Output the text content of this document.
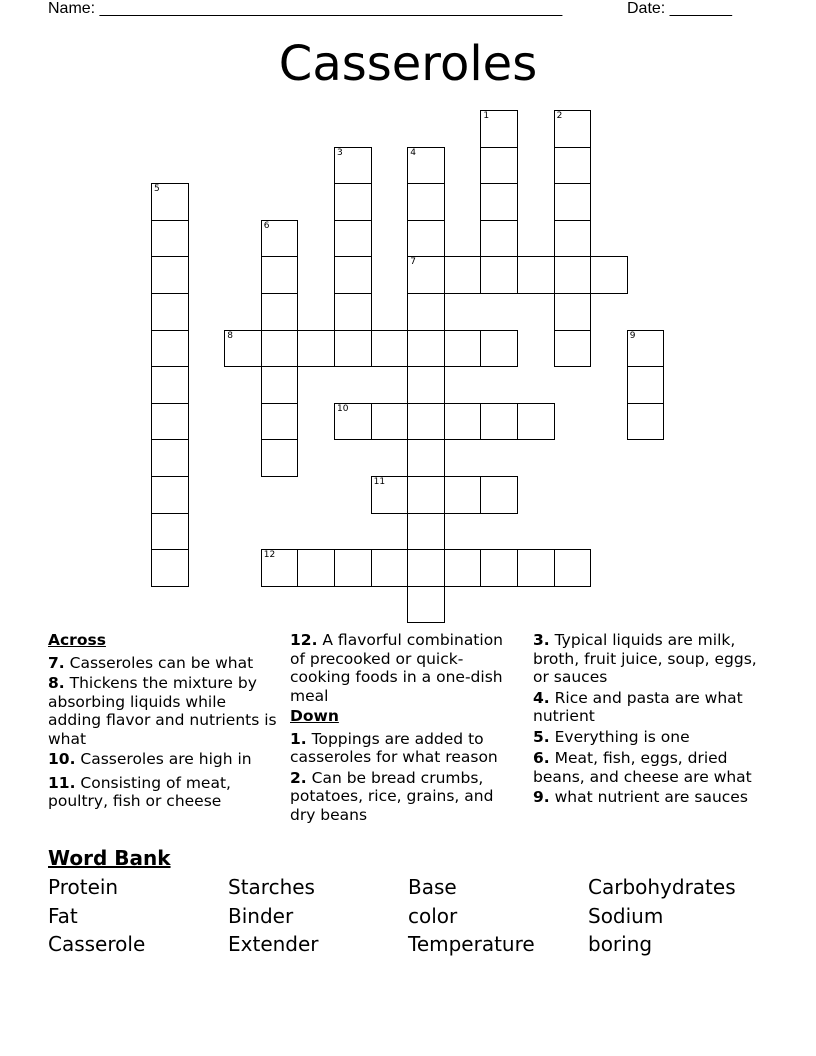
Name: ____________________________________________________	Date: _______
Casseroles
1	2
3	4
7
5
6
8	9
10
11
12
Across
7. Casseroles can be what
8. Thickens the mixture by absorbing liquids while adding flavor and nutrients is what
10. Casseroles are high in
11. Consisting of meat, poultry, fish or cheese
12. A flavorful combination of precooked or quick-cooking foods in a one-dish meal
Down
1. Toppings are added to casseroles for what reason
2. Can be bread crumbs, potatoes, rice, grains, and dry beans
3. Typical liquids are milk, broth, fruit juice, soup, eggs, or sauces
4. Rice and pasta are what nutrient
5. Everything is one
6. Meat, fish, eggs, dried beans, and cheese are what
9. what nutrient are sauces
Word Bank
Protein	Starches	Base	Carbohydrates
Fat	Binder	color	Sodium
Casserole	Extender	Temperature	boring
